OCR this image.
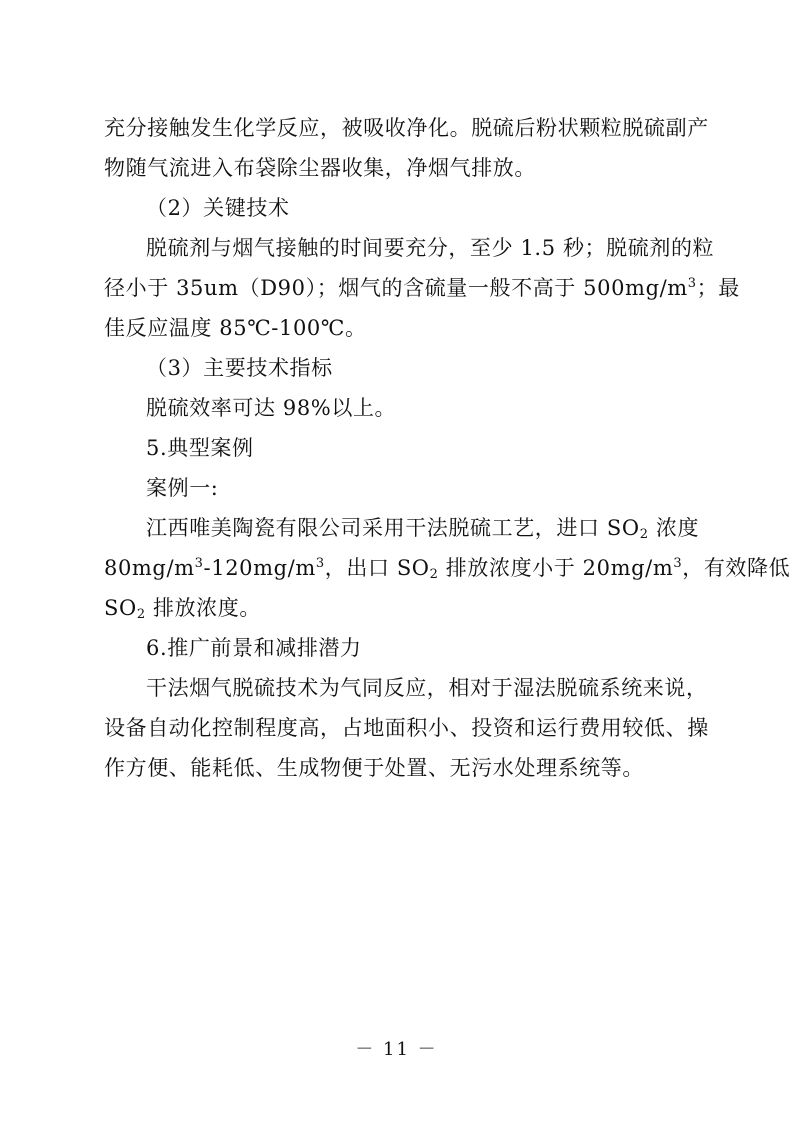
充分接触发生化学反应，被吸收净化。脱硫后粉状颗粒脱硫副产
物随气流进入布袋除尘器收集，净烟气排放。

（2）关键技术

脱硫剂与烟气接触的时间要充分，至少 1.5 秒；脱硫剂的粒
径小于 35um（D90）；烟气的含硫量一般不高于 $500mg/m^3$；最
佳反应温度 85℃-100℃。

（3）主要技术指标

脱硫效率可达 98%以上。

5.典型案例

案例一:

江西唯美陶瓷有限公司采用干法脱硫工艺，进口 $SO_2$ 浓度
$80mg/m^3-120mg/m^3$，出口 $SO_2$ 排放浓度小于 $20mg/m^3$，有效降低
$SO_2$ 排放浓度。

6.推广前景和减排潜力

干法烟气脱硫技术为气同反应，相对于湿法脱硫系统来说，
设备自动化控制程度高，占地面积小、投资和运行费用较低、操
作方便、能耗低、生成物便于处置、无污水处理系统等。

－ 11 －
